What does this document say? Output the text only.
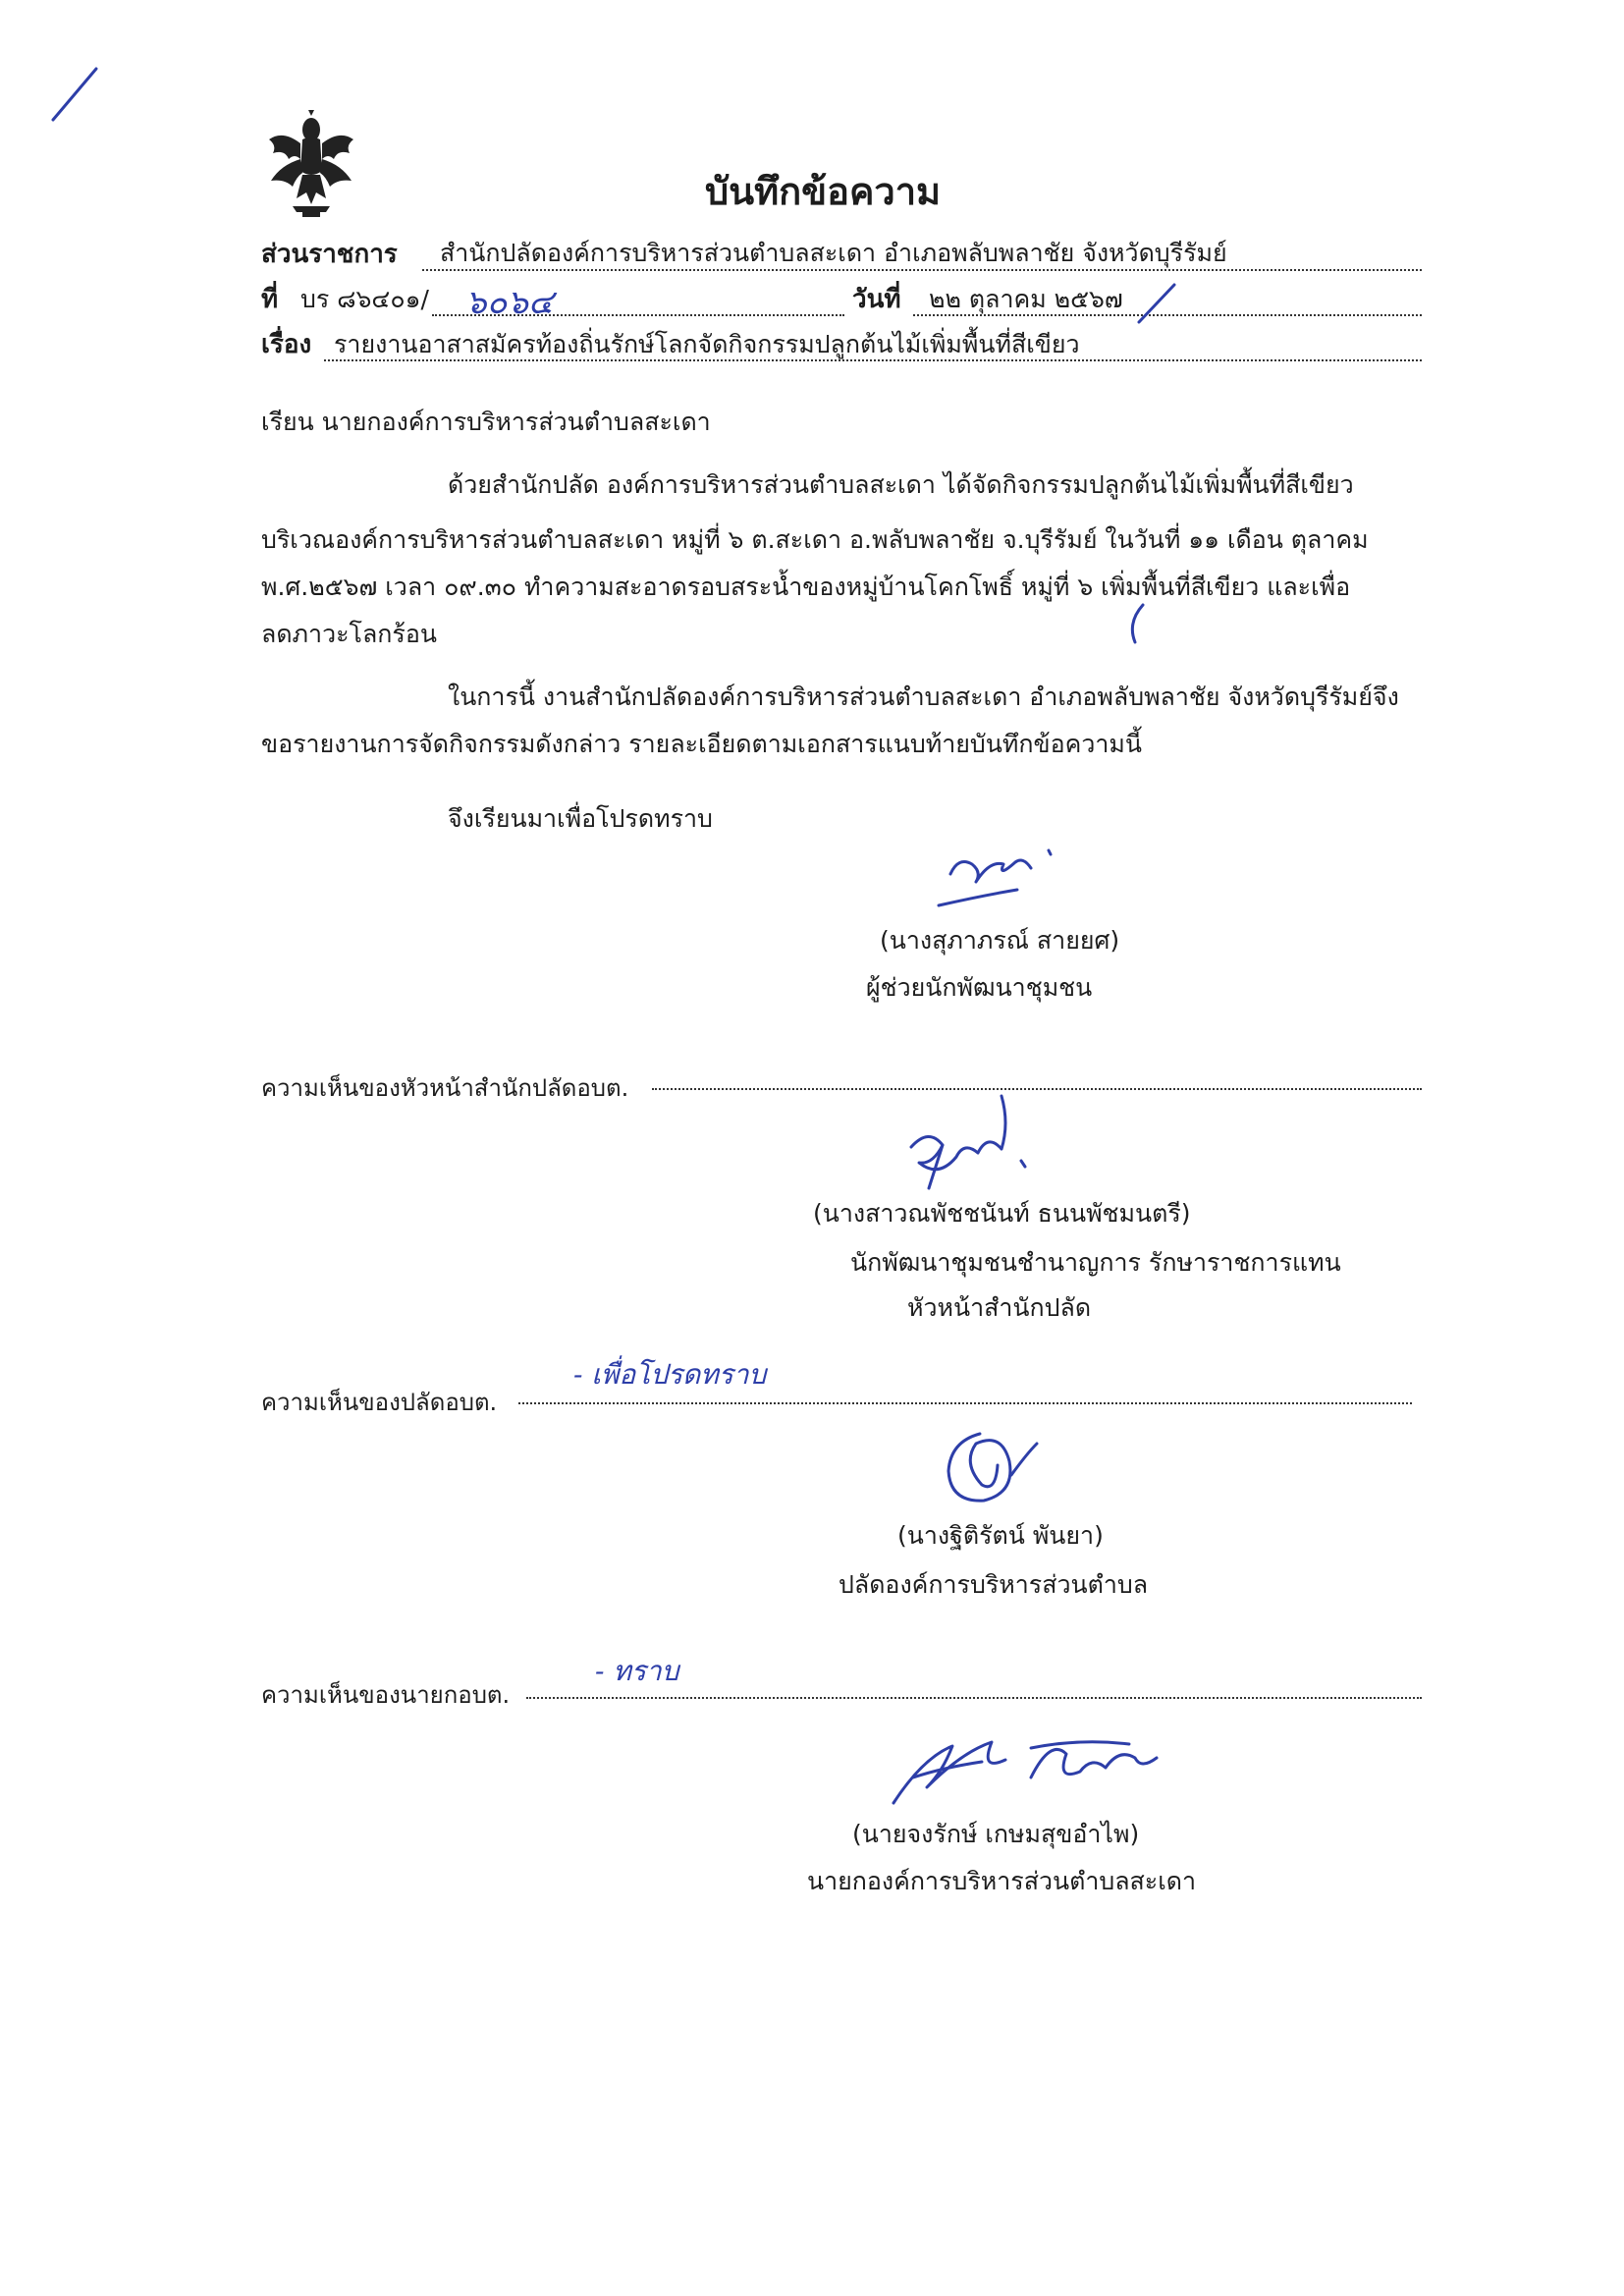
บันทึกข้อความ
ส่วนราชการ สำนักปลัดองค์การบริหารส่วนตำบลสะเดา อำเภอพลับพลาชัย จังหวัดบุรีรัมย์
ที่ บร ๘๖๔๐๑/ ๖๐๖๔	วันที่ ๒๒ ตุลาคม ๒๕๖๗
เรื่อง รายงานอาสาสมัครท้องถิ่นรักษ์โลกจัดกิจกรรมปลูกต้นไม้เพิ่มพื้นที่สีเขียว
เรียน นายกองค์การบริหารส่วนตำบลสะเดา
ด้วยสำนักปลัด องค์การบริหารส่วนตำบลสะเดา ได้จัดกิจกรรมปลูกต้นไม้เพิ่มพื้นที่สีเขียว
บริเวณองค์การบริหารส่วนตำบลสะเดา หมู่ที่ ๖ ต.สะเดา อ.พลับพลาชัย จ.บุรีรัมย์ ในวันที่ ๑๑ เดือน ตุลาคม
พ.ศ.๒๕๖๗ เวลา ๐๙.๓๐ ทำความสะอาดรอบสระน้ำของหมู่บ้านโคกโพธิ์ หมู่ที่ ๖ เพิ่มพื้นที่สีเขียว และเพื่อ
ลดภาวะโลกร้อน
ในการนี้ งานสำนักปลัดองค์การบริหารส่วนตำบลสะเดา อำเภอพลับพลาชัย จังหวัดบุรีรัมย์จึง
ขอรายงานการจัดกิจกรรมดังกล่าว รายละเอียดตามเอกสารแนบท้ายบันทึกข้อความนี้
จึงเรียนมาเพื่อโปรดทราบ
(นางสุภาภรณ์ สายยศ)
ผู้ช่วยนักพัฒนาชุมชน
ความเห็นของหัวหน้าสำนักปลัดอบต.
(นางสาวณพัชชนันท์ ธนนพัชมนตรี)
นักพัฒนาชุมชนชำนาญการ รักษาราชการแทน
หัวหน้าสำนักปลัด
ความเห็นของปลัดอบต.
- เพื่อโปรดทราบ
(นางฐิติรัตน์ พันยา)
ปลัดองค์การบริหารส่วนตำบล
ความเห็นของนายกอบต.
- ทราบ
(นายจงรักษ์ เกษมสุขอำไพ)
นายกองค์การบริหารส่วนตำบลสะเดา
